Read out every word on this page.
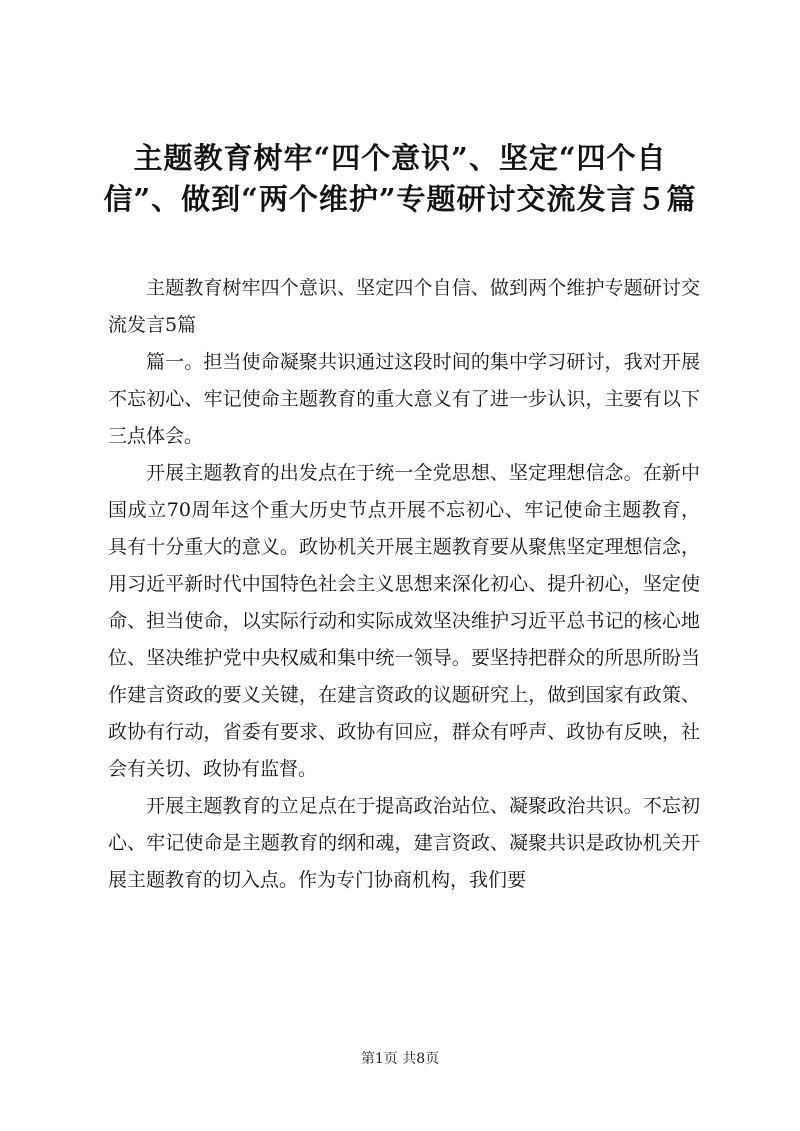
主题教育树牢“四个意识”、坚定“四个自信”、做到“两个维护”专题研讨交流发言５篇

主题教育树牢四个意识、坚定四个自信、做到两个维护专题研讨交流发言5篇

篇一。担当使命凝聚共识通过这段时间的集中学习研讨，我对开展不忘初心、牢记使命主题教育的重大意义有了进一步认识，主要有以下三点体会。

开展主题教育的出发点在于统一全党思想、坚定理想信念。在新中国成立70周年这个重大历史节点开展不忘初心、牢记使命主题教育，具有十分重大的意义。政协机关开展主题教育要从聚焦坚定理想信念，用习近平新时代中国特色社会主义思想来深化初心、提升初心，坚定使命、担当使命，以实际行动和实际成效坚决维护习近平总书记的核心地位、坚决维护党中央权威和集中统一领导。要坚持把群众的所思所盼当作建言资政的要义关键，在建言资政的议题研究上，做到国家有政策、政协有行动，省委有要求、政协有回应，群众有呼声、政协有反映，社会有关切、政协有监督。

开展主题教育的立足点在于提高政治站位、凝聚政治共识。不忘初心、牢记使命是主题教育的纲和魂，建言资政、凝聚共识是政协机关开展主题教育的切入点。作为专门协商机构，我们要

第1页 共8页
